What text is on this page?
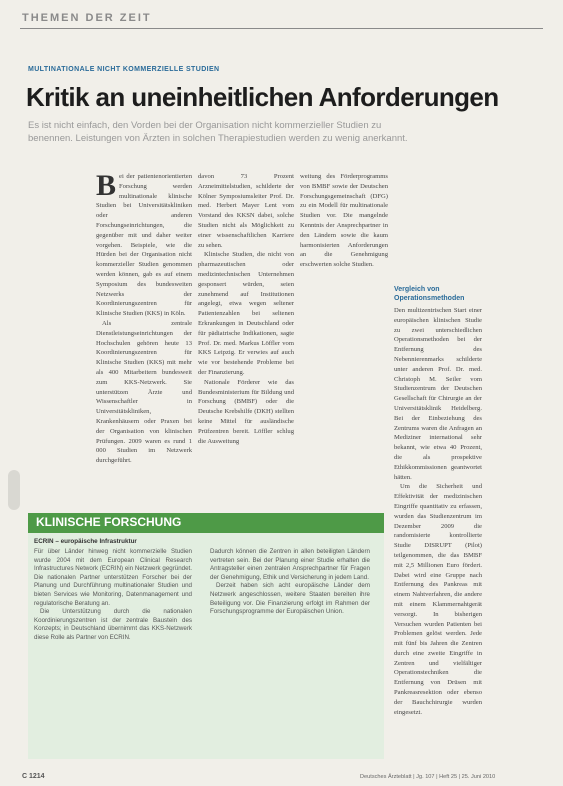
THEMEN DER ZEIT
MULTINATIONALE NICHT KOMMERZIELLE STUDIEN
Kritik an uneinheitlichen Anforderungen
Es ist nicht einfach, den Vorden bei der Organisation nicht kommerzieller Studien zu benennen. Leistungen von Ärzten in solchen Therapiestudien werden zu wenig anerkannt.

Bei der patientenorientierten Forschung werden multinationale klinische Studien bei Universitätskliniken oder anderen Forschungseinrichtungen, die gegenüber mit und daher weiter vorgehen. Beispiele, wie die Hürden bei der Organisation nicht kommerzieller Studien genommen werden können, gab es auf einem Symposium des bundesweiten Netzwerks der Koordinierungszentren für Klinische Studien (KKS) in Köln.

Als zentrale Dienstleistungseinrichtungen der Hochschulen gehören heute 13 Koordinierungszentren für Klinische Studien (KKS) mit mehr als 400 Mitarbeitern bundesweit zum KKS-Netzwerk. Sie unterstützen Ärzte und Wissenschaftler in Universitätskliniken, Krankenhäusern oder Praxen bei der Organisation von klinischen Prüfungen. 2009 waren es rund 1 000 Studien im Netzwerk durchgeführt.

davon 73 Prozent Arzneimittelstudien, schilderte der Kölner Symposiumsleiter Prof. Dr. med. Herbert Mayer Lent vom Vorstand des KKSN dabei, solche Studien nicht als Möglichkeit zu einer wissenschaftlichen Karriere zu sehen.

Klinische Studien, die nicht von pharmazeutischen oder medizintechnischen Unternehmen gesponsert würden, seien zunehmend auf Institutionen angelegt, etwa wegen seltener Patientenzahlen bei seltenen Erkrankungen in Deutschland oder für pädiatrische Indikationen, sagte Prof. Dr. med. Markus Löffler vom KKS Leipzig. Er verwies auf auch wie vor bestehende Probleme bei der Finanzierung.

Nationale Förderer wie das Bundesministerium für Bildung und Forschung (BMBF) oder die Deutsche Krebshilfe (DKH) stellten keine Mittel für ausländische Prüfzentren bereit. Löffler schlug die Ausweitung

weitung des Förderprogramms von BMBF sowie der Deutschen Forschungsgemeinschaft (DFG) zu ein Modell für multinationale Studien vor. Die mangelnde Kenntnis der Ansprechpartner in den Ländern sowie die kaum harmonisierten Anforderungen an die Genehmigung erschwerten solche Studien.

Vergleich von Operationsmethoden

Den multizentrischen Start einer europäischen klinischen Studie zu zwei unterschiedlichen Operationsmethoden bei der Entfernung des Nebennierenmarks schilderte unter anderen Prof. Dr. med. Christoph M. Seiler vom Studienzentrum der Deutschen Gesellschaft für Chirurgie an der Universitätsklinik Heidelberg. Bei der Einbeziehung des Zentrums waren die Anfragen an Mediziner international sehr bekannt, wie etwa 40 Prozent, die als prospektive Ethikkommissionen geantwortet hätten.

Um die Sicherheit und Effektivität der medizinischen Eingriffe quantitativ zu erfassen, wurden das Studienzentrum im Dezember 2009 die randomisierte kontrollierte Studie DISRUPT (Pilot) teilgenommen, die das BMBF mit 2,5 Millionen Euro fördert. Dabei wird eine Gruppe nach Entfernung des Pankreas mit einem Nahtverfahren, die andere mit einem Klammernahtgerät versorgt. In bisherigen Versuchen wurden Patienten bei Problemen gelöst werden. Jede mit fünf bis Jahren die Zentren durch eine zweite Eingriffe in Zentren und vielfältiger Operationstechniken die Entfernung von Drüsen mit Pankreasresektion oder ebenso der Bauchchirurgie wurden eingesetzt.

KLINISCHE FORSCHUNG
ECRIN – europäische Infrastruktur

Für über Länder hinweg nicht kommerzielle Studien wurde 2004 mit dem European Clinical Research Infrastructures Network (ECRIN) ein Netzwerk gegründet. Die nationalen Partner unterstützen Forscher bei der Planung und Durchführung multinationaler Studien und bieten Services wie Monitoring, Datenmanagement und regulatorische Beratung an.

Die Unterstützung durch die nationalen Koordinierungszentren ist der zentrale Baustein des Konzepts; in Deutschland übernimmt das KKS-Netzwerk diese Rolle als Partner von ECRIN.

Dadurch können die Zentren in allen beteiligten Ländern vertreten sein. Bei der Planung einer Studie erhalten die Antragsteller einen zentralen Ansprechpartner für Fragen der Genehmigung, Ethik und Versicherung in jedem Land.

Derzeit haben sich acht europäische Länder dem Netzwerk angeschlossen, weitere Staaten bereiten ihre Beteiligung vor. Die Finanzierung erfolgt im Rahmen der Forschungsprogramme der Europäischen Union.

C 1214	Deutsches Ärzteblatt | Jg. 107 | Heft 25 | 25. Juni 2010
